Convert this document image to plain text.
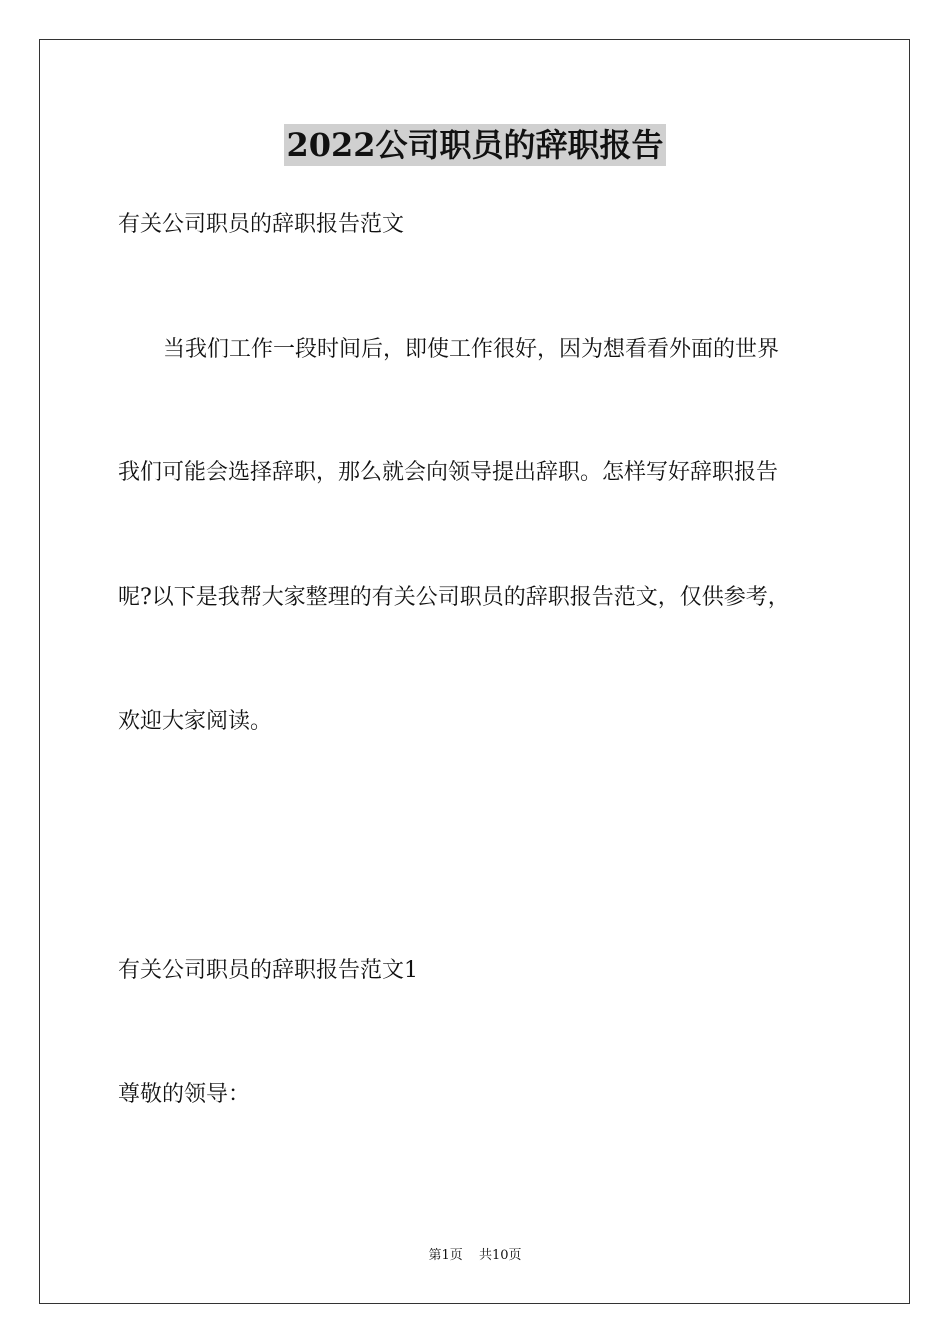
2022公司职员的辞职报告
有关公司职员的辞职报告范文
当我们工作一段时间后，即使工作很好，因为想看看外面的世界
我们可能会选择辞职，那么就会向领导提出辞职。怎样写好辞职报告
呢?以下是我帮大家整理的有关公司职员的辞职报告范文，仅供参考，
欢迎大家阅读。
有关公司职员的辞职报告范文1
尊敬的领导：
第1页 共10页
